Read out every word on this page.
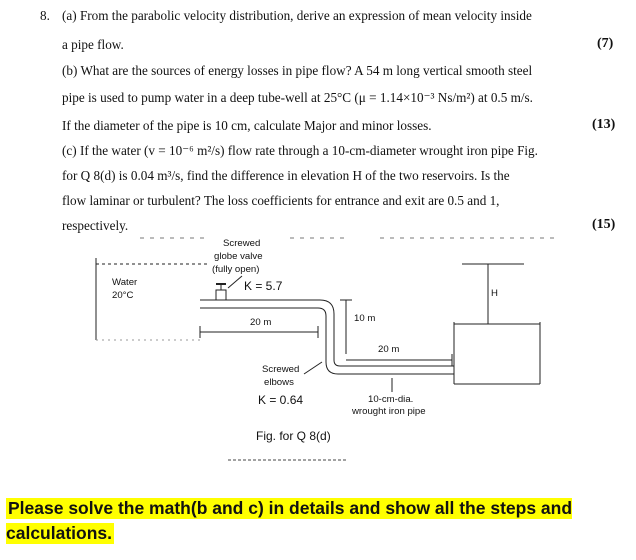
8. (a) From the parabolic velocity distribution, derive an expression of mean velocity inside
a pipe flow.	(7)
(b) What are the sources of energy losses in pipe flow? A 54 m long vertical smooth steel
pipe is used to pump water in a deep tube-well at 25°C (μ = 1.14×10⁻³ Ns/m²) at 0.5 m/s.
If the diameter of the pipe is 10 cm, calculate Major and minor losses.	(13)
(c) If the water (v = 10⁻⁶ m²/s) flow rate through a 10-cm-diameter wrought iron pipe Fig.
for Q 8(d) is 0.04 m³/s, find the difference in elevation H of the two reservoirs. Is the
flow laminar or turbulent? The loss coefficients for entrance and exit are 0.5 and 1,
respectively.	(15)
Screwed
globe valve
(fully open)
K = 5.7
Water
20°C
20 m	10 m
20 m
H
Screwed
elbows
K = 0.64	10-cm-dia.
wrought iron pipe
Fig. for Q 8(d)
Please solve the math(b and c) in details and show all the steps and calculations.
